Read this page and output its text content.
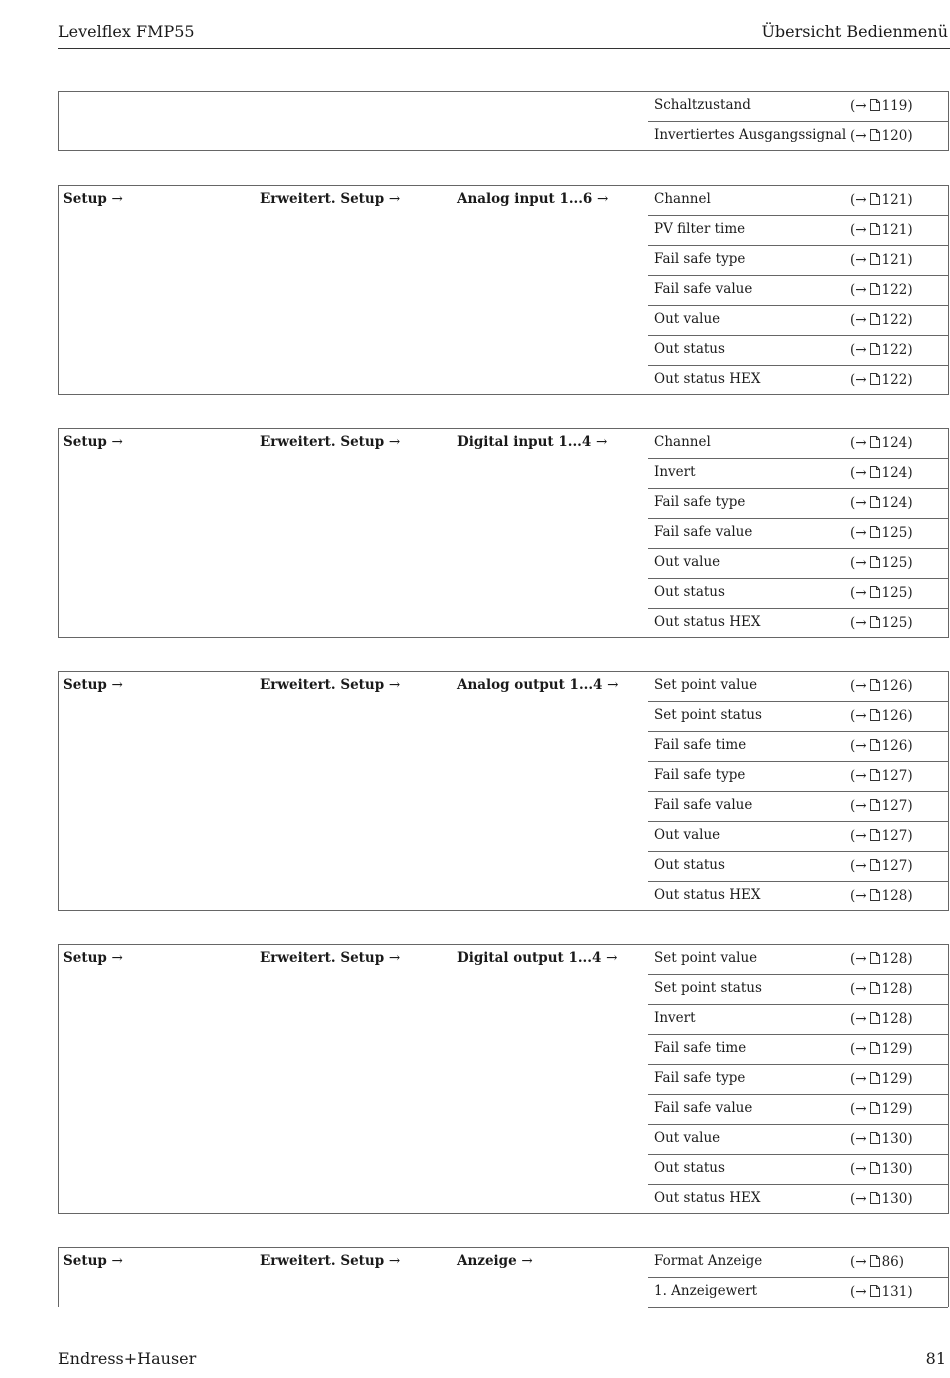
Levelflex FMP55	Übersicht Bedienmenü
Schaltzustand	(→ 119)
Invertiertes Ausgangssignal (→ 120)
Setup →	Erweitert. Setup →	Analog input 1...6 →	Channel	(→ 121)
PV filter time	(→ 121)
Fail safe type	(→ 121)
Fail safe value	(→ 122)
Out value	(→ 122)
Out status	(→ 122)
Out status HEX	(→ 122)
Setup →	Erweitert. Setup →	Digital input 1...4 →	Channel	(→ 124)
Invert	(→ 124)
Fail safe type	(→ 124)
Fail safe value	(→ 125)
Out value	(→ 125)
Out status	(→ 125)
Out status HEX	(→ 125)
Setup →	Erweitert. Setup →	Analog output 1...4 →	Set point value	(→ 126)
Set point status	(→ 126)
Fail safe time	(→ 126)
Fail safe type	(→ 127)
Fail safe value	(→ 127)
Out value	(→ 127)
Out status	(→ 127)
Out status HEX	(→ 128)
Setup →	Erweitert. Setup →	Digital output 1...4 →	Set point value	(→ 128)
Set point status	(→ 128)
Invert	(→ 128)
Fail safe time	(→ 129)
Fail safe type	(→ 129)
Fail safe value	(→ 129)
Out value	(→ 130)
Out status	(→ 130)
Out status HEX	(→ 130)
Setup →	Erweitert. Setup →	Anzeige →	Format Anzeige	(→ 86)
1. Anzeigewert	(→ 131)
Endress+Hauser	81
